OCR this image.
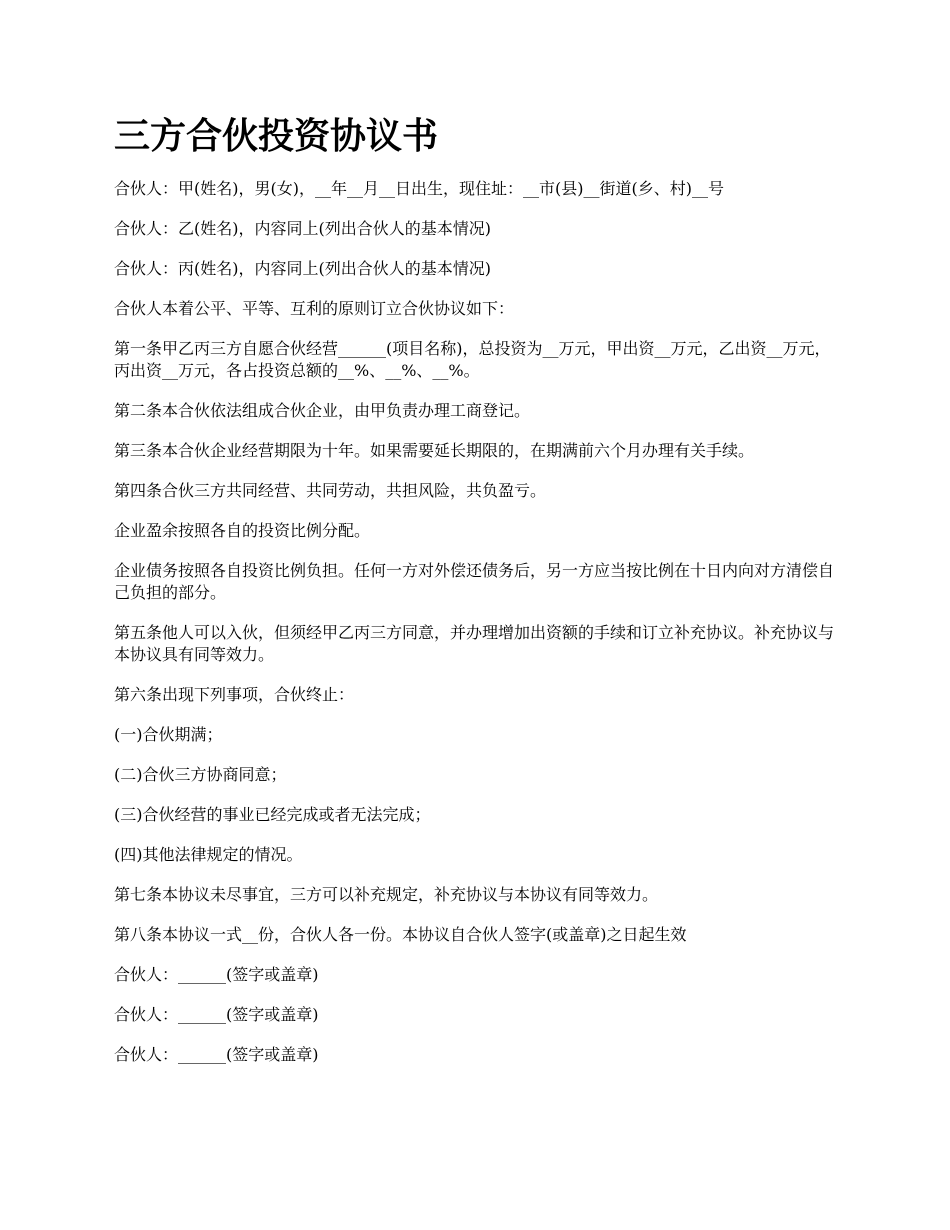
三方合伙投资协议书

合伙人：甲(姓名)，男(女)，__年__月__日出生，现住址：__市(县)__街道(乡、村)__号

合伙人：乙(姓名)，内容同上(列出合伙人的基本情况)

合伙人：丙(姓名)，内容同上(列出合伙人的基本情况)

合伙人本着公平、平等、互利的原则订立合伙协议如下：

第一条甲乙丙三方自愿合伙经营______(项目名称)，总投资为__万元，甲出资__万元，乙出资__万元，丙出资__万元，各占投资总额的__%、__%、__%。

第二条本合伙依法组成合伙企业，由甲负责办理工商登记。

第三条本合伙企业经营期限为十年。如果需要延长期限的，在期满前六个月办理有关手续。

第四条合伙三方共同经营、共同劳动，共担风险，共负盈亏。

企业盈余按照各自的投资比例分配。

企业债务按照各自投资比例负担。任何一方对外偿还债务后，另一方应当按比例在十日内向对方清偿自己负担的部分。

第五条他人可以入伙，但须经甲乙丙三方同意，并办理增加出资额的手续和订立补充协议。补充协议与本协议具有同等效力。

第六条出现下列事项，合伙终止：

(一)合伙期满；

(二)合伙三方协商同意；

(三)合伙经营的事业已经完成或者无法完成；

(四)其他法律规定的情况。

第七条本协议未尽事宜，三方可以补充规定，补充协议与本协议有同等效力。

第八条本协议一式__份，合伙人各一份。本协议自合伙人签字(或盖章)之日起生效

合伙人：______(签字或盖章)

合伙人：______(签字或盖章)

合伙人：______(签字或盖章)
